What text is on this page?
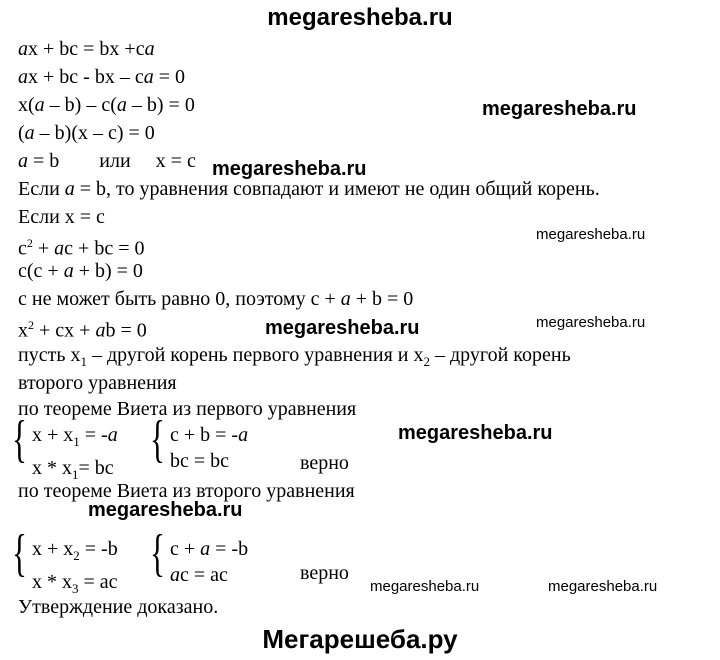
megaresheba.ru
ax + bc = bx +ca
ax + bc - bx – ca = 0
x(a – b) – c(a – b) = 0
(a – b)(x – c) = 0
a = b        или     x = c
Если a = b, то уравнения совпадают и имеют не один общий корень.
Если x = c
$c^2$ + ac + bc = 0
c(c + a + b) = 0
c не может быть равно 0, поэтому c + a + b = 0
$x^2$ + cx + ab = 0
пусть $x_1$ – другой корень первого уравнения и $x_2$ – другой корень
второго уравнения
по теореме Виета из первого уравнения
{ $x + x_1 = -a$
$x * x_1=$ bc { c + b = -a
bc = bc	верно
по теореме Виета из второго уравнения
{ $x + x_2 = -b$
x * $x_3$ = ac { c + a = -b
ac = ac	верно
Утверждение доказано.
megaresheba.ru
megaresheba.ru
megaresheba.ru
megaresheba.ru
megaresheba.ru
megaresheba.ru
megaresheba.ru
megaresheba.ru	megaresheba.ru
Мегарешеба.ру
